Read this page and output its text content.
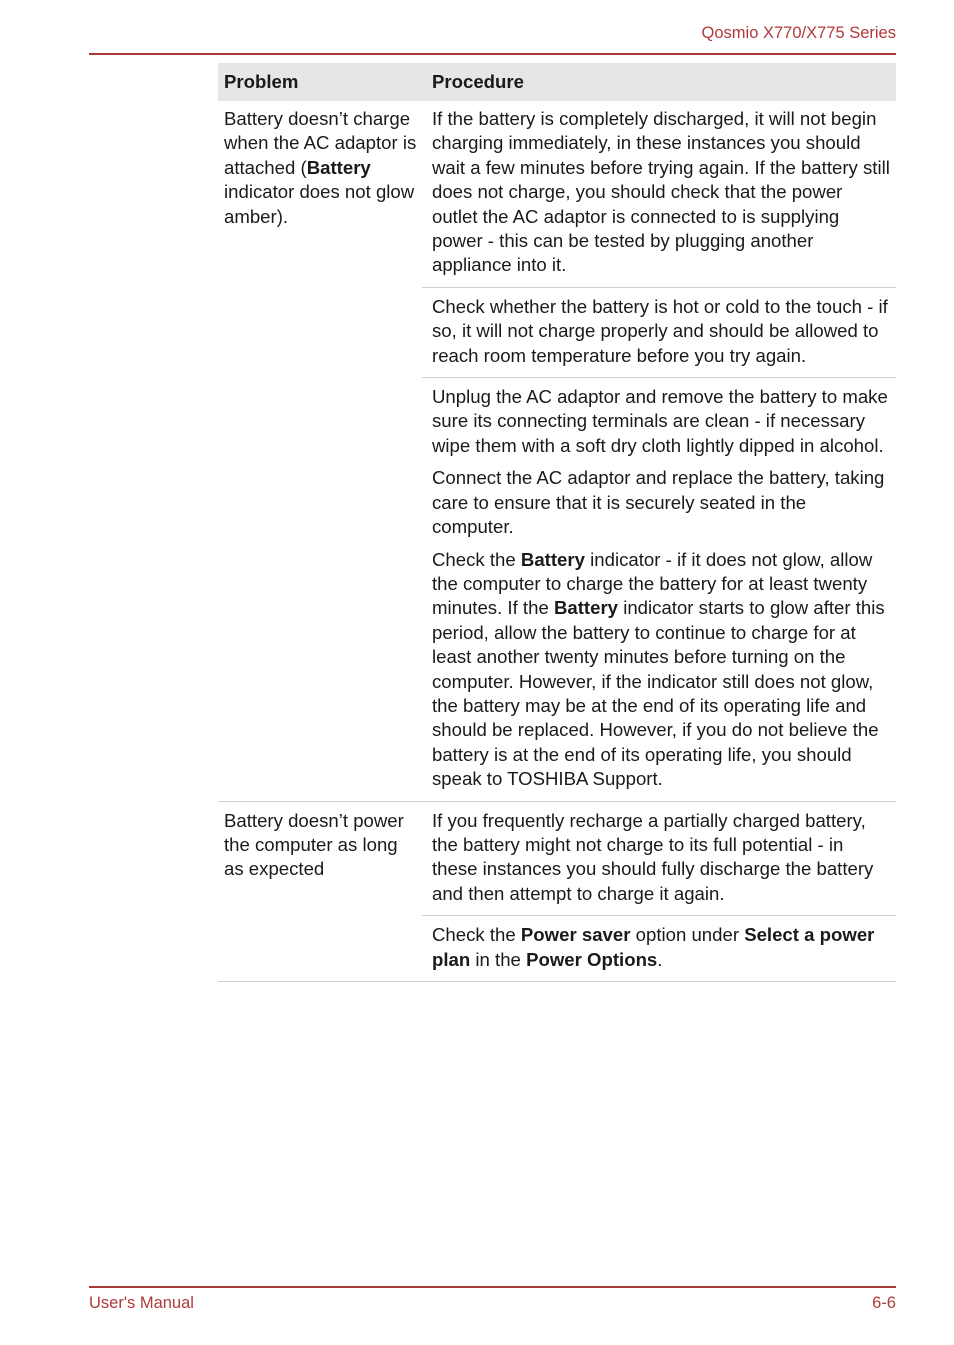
Qosmio X770/X775 Series
Problem	Procedure

Battery doesn’t charge when the AC adaptor is attached (Battery indicator does not glow amber).

If the battery is completely discharged, it will not begin charging immediately, in these instances you should wait a few minutes before trying again. If the battery still does not charge, you should check that the power outlet the AC adaptor is connected to is supplying power - this can be tested by plugging another appliance into it.

Check whether the battery is hot or cold to the touch - if so, it will not charge properly and should be allowed to reach room temperature before you try again.

Unplug the AC adaptor and remove the battery to make sure its connecting terminals are clean - if necessary wipe them with a soft dry cloth lightly dipped in alcohol.

Connect the AC adaptor and replace the battery, taking care to ensure that it is securely seated in the computer.

Check the Battery indicator - if it does not glow, allow the computer to charge the battery for at least twenty minutes. If the Battery indicator starts to glow after this period, allow the battery to continue to charge for at least another twenty minutes before turning on the computer. However, if the indicator still does not glow, the battery may be at the end of its operating life and should be replaced. However, if you do not believe the battery is at the end of its operating life, you should speak to TOSHIBA Support.

Battery doesn’t power the computer as long as expected

If you frequently recharge a partially charged battery, the battery might not charge to its full potential - in these instances you should fully discharge the battery and then attempt to charge it again.

Check the Power saver option under Select a power plan in the Power Options.

User's Manual	6-6
